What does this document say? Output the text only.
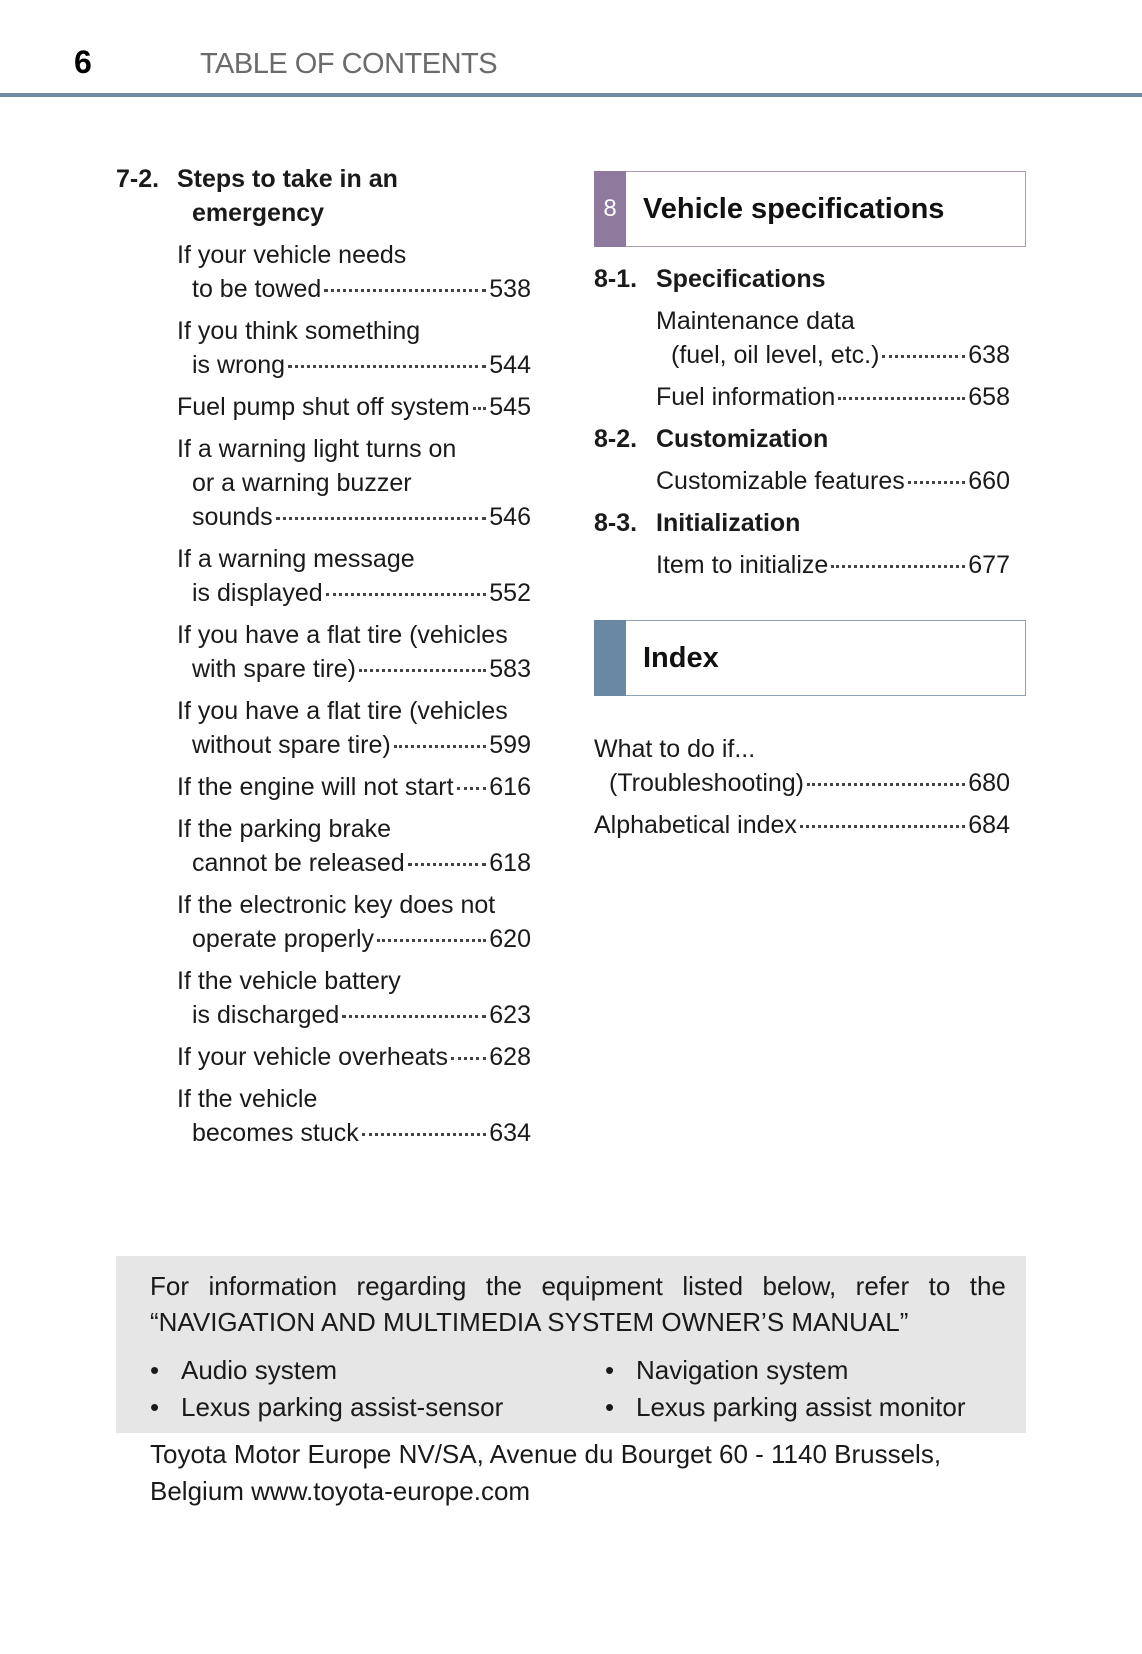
6	TABLE OF CONTENTS
7-2. Steps to take in an
emergency
If your vehicle needs
to be towed	538
If you think something
is wrong	544
Fuel pump shut off system 545
If a warning light turns on
or a warning buzzer
sounds	546
If a warning message
is displayed	552
If you have a flat tire (vehicles
with spare tire)	583
If you have a flat tire (vehicles
without spare tire)	599
If the engine will not start 616
If the parking brake
cannot be released	618
If the electronic key does not
operate properly	620
If the vehicle battery
is discharged	623
If your vehicle overheats 628
If the vehicle
becomes stuck	634
8 Vehicle specifications
8-1. Specifications
Maintenance data
(fuel, oil level, etc.)	638
Fuel information	658
8-2. Customization
Customizable features	660
8-3. Initialization
Item to initialize	677
Index
What to do if...
(Troubleshooting)	680
Alphabetical index	684
For information regarding the equipment listed below, refer to the
“NAVIGATION AND MULTIMEDIA SYSTEM OWNER’S MANUAL”
• Audio system	• Navigation system
• Lexus parking assist-sensor	• Lexus parking assist monitor
Toyota Motor Europe NV/SA, Avenue du Bourget 60 - 1140 Brussels,
Belgium www.toyota-europe.com
